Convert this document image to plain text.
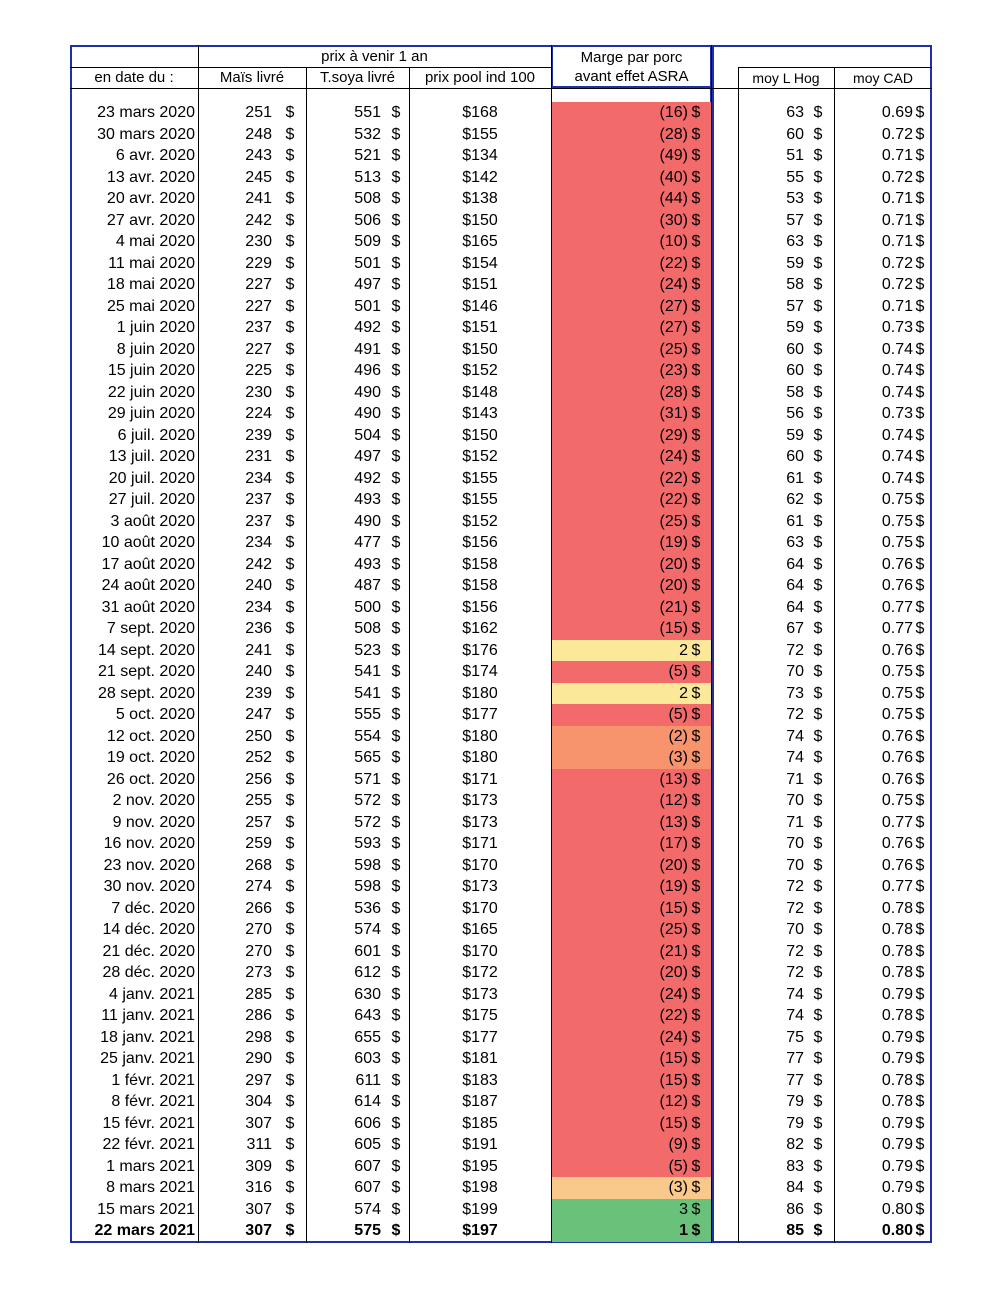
prix à venir 1 an
en date du :	Maïs livré	T.soya livré	prix pool ind 100
Marge par porc
avant effet ASRA	moy L Hog	moy CAD
23 mars 2020	251 $	551 $	$168	(16) $	63 $	0.69 $
30 mars 2020	248 $	532 $	$155	(28) $	60 $	0.72 $
6 avr. 2020	243 $	521 $	$134	(49) $	51 $	0.71 $
13 avr. 2020	245 $	513 $	$142	(40) $	55 $	0.72 $
20 avr. 2020	241 $	508 $	$138	(44) $	53 $	0.71 $
27 avr. 2020	242 $	506 $	$150	(30) $	57 $	0.71 $
4 mai 2020	230 $	509 $	$165	(10) $	63 $	0.71 $
11 mai 2020	229 $	501 $	$154	(22) $	59 $	0.72 $
18 mai 2020	227 $	497 $	$151	(24) $	58 $	0.72 $
25 mai 2020	227 $	501 $	$146	(27) $	57 $	0.71 $
1 juin 2020	237 $	492 $	$151	(27) $	59 $	0.73 $
8 juin 2020	227 $	491 $	$150	(25) $	60 $	0.74 $
15 juin 2020	225 $	496 $	$152	(23) $	60 $	0.74 $
22 juin 2020	230 $	490 $	$148	(28) $	58 $	0.74 $
29 juin 2020	224 $	490 $	$143	(31) $	56 $	0.73 $
6 juil. 2020	239 $	504 $	$150	(29) $	59 $	0.74 $
13 juil. 2020	231 $	497 $	$152	(24) $	60 $	0.74 $
20 juil. 2020	234 $	492 $	$155	(22) $	61 $	0.74 $
27 juil. 2020	237 $	493 $	$155	(22) $	62 $	0.75 $
3 août 2020	237 $	490 $	$152	(25) $	61 $	0.75 $
10 août 2020	234 $	477 $	$156	(19) $	63 $	0.75 $
17 août 2020	242 $	493 $	$158	(20) $	64 $	0.76 $
24 août 2020	240 $	487 $	$158	(20) $	64 $	0.76 $
31 août 2020	234 $	500 $	$156	(21) $	64 $	0.77 $
7 sept. 2020	236 $	508 $	$162	(15) $	67 $	0.77 $
14 sept. 2020	241 $	523 $	$176	2 $	72 $	0.76 $
21 sept. 2020	240 $	541 $	$174	(5) $	70 $	0.75 $
28 sept. 2020	239 $	541 $	$180	2 $	73 $	0.75 $
5 oct. 2020	247 $	555 $	$177	(5) $	72 $	0.75 $
12 oct. 2020	250 $	554 $	$180	(2) $	74 $	0.76 $
19 oct. 2020	252 $	565 $	$180	(3) $	74 $	0.76 $
26 oct. 2020	256 $	571 $	$171	(13) $	71 $	0.76 $
2 nov. 2020	255 $	572 $	$173	(12) $	70 $	0.75 $
9 nov. 2020	257 $	572 $	$173	(13) $	71 $	0.77 $
16 nov. 2020	259 $	593 $	$171	(17) $	70 $	0.76 $
23 nov. 2020	268 $	598 $	$170	(20) $	70 $	0.76 $
30 nov. 2020	274 $	598 $	$173	(19) $	72 $	0.77 $
7 déc. 2020	266 $	536 $	$170	(15) $	72 $	0.78 $
14 déc. 2020	270 $	574 $	$165	(25) $	70 $	0.78 $
21 déc. 2020	270 $	601 $	$170	(21) $	72 $	0.78 $
28 déc. 2020	273 $	612 $	$172	(20) $	72 $	0.78 $
4 janv. 2021	285 $	630 $	$173	(24) $	74 $	0.79 $
11 janv. 2021	286 $	643 $	$175	(22) $	74 $	0.78 $
18 janv. 2021	298 $	655 $	$177	(24) $	75 $	0.79 $
25 janv. 2021	290 $	603 $	$181	(15) $	77 $	0.79 $
1 févr. 2021	297 $	611 $	$183	(15) $	77 $	0.78 $
8 févr. 2021	304 $	614 $	$187	(12) $	79 $	0.78 $
15 févr. 2021	307 $	606 $	$185	(15) $	79 $	0.79 $
22 févr. 2021	311 $	605 $	$191	(9) $	82 $	0.79 $
1 mars 2021	309 $	607 $	$195	(5) $	83 $	0.79 $
8 mars 2021	316 $	607 $	$198	(3) $	84 $	0.79 $
15 mars 2021	307 $	574 $	$199	3 $	86 $	0.80 $
22 mars 2021	307 $	575 $	$197	1 $	85 $	0.80 $
